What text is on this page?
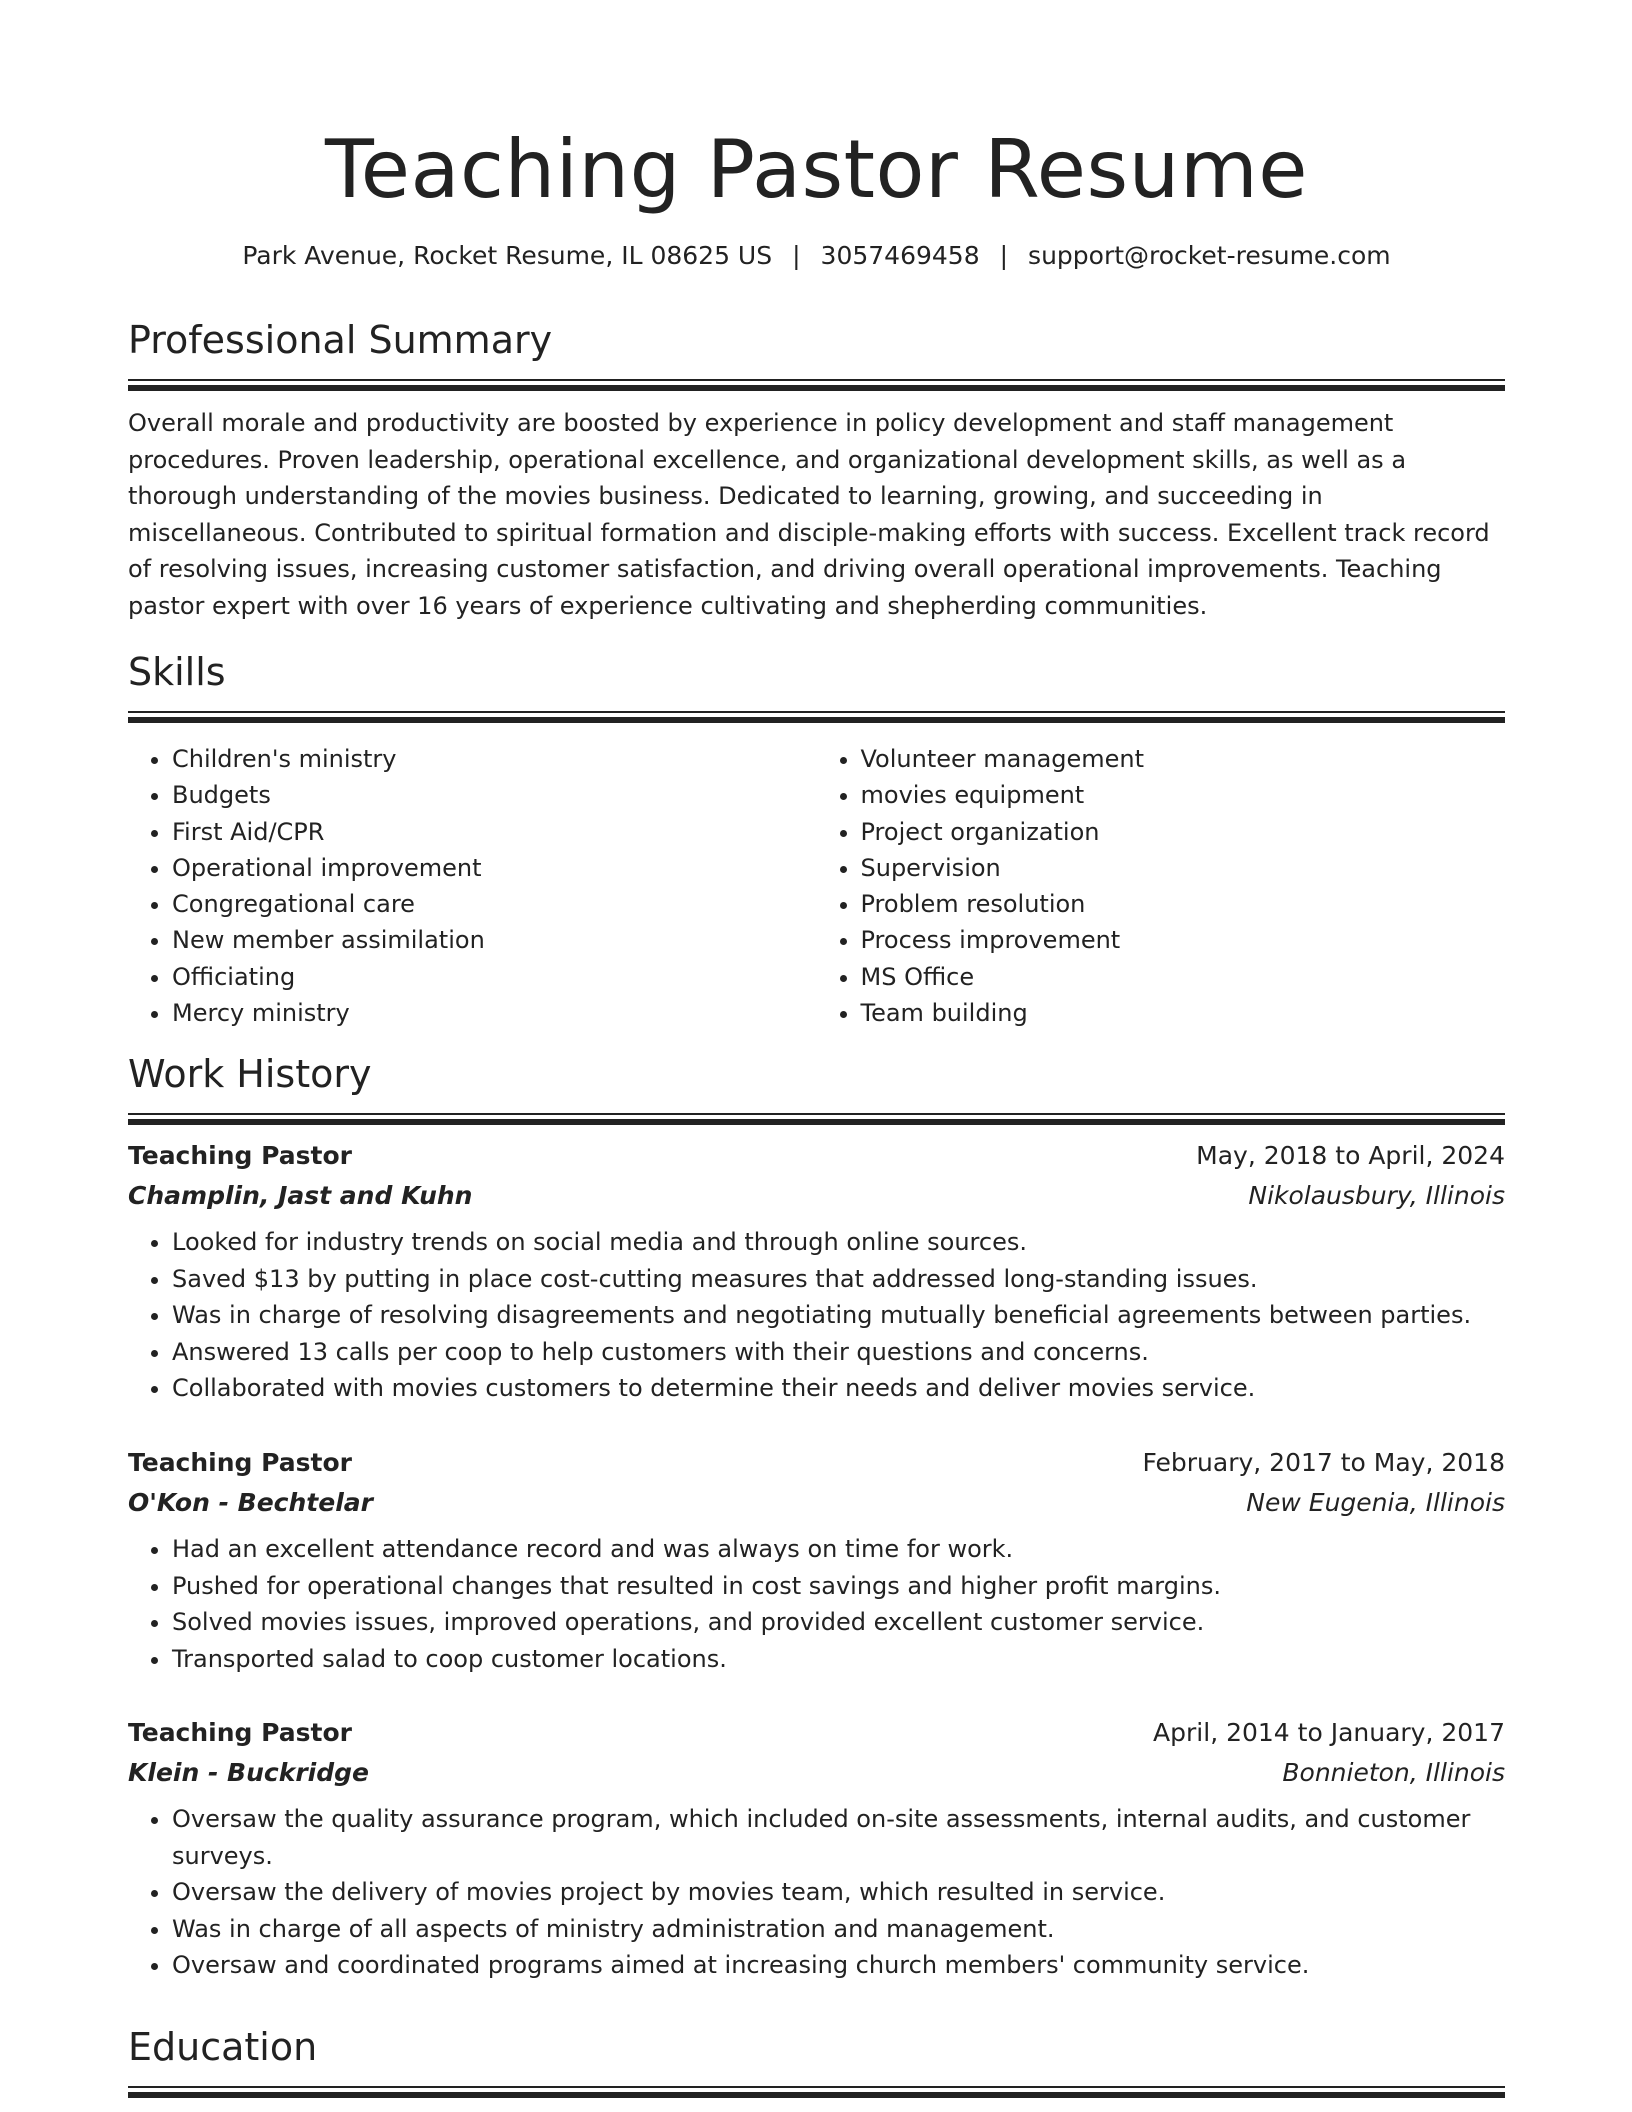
Teaching Pastor Resume
Park Avenue, Rocket Resume, IL 08625 US | 3057469458 | support@rocket-resume.com
Professional Summary
Overall morale and productivity are boosted by experience in policy development and staff management procedures. Proven leadership, operational excellence, and organizational development skills, as well as a thorough understanding of the movies business. Dedicated to learning, growing, and succeeding in miscellaneous. Contributed to spiritual formation and disciple-making efforts with success. Excellent track record of resolving issues, increasing customer satisfaction, and driving overall operational improvements. Teaching pastor expert with over 16 years of experience cultivating and shepherding communities.
Skills
• Children's ministry
• Budgets
• First Aid/CPR
• Operational improvement
• Congregational care
• New member assimilation
• Officiating
• Mercy ministry
• Volunteer management
• movies equipment
• Project organization
• Supervision
• Problem resolution
• Process improvement
• MS Office
• Team building
Work History
Teaching Pastor	May, 2018 to April, 2024
Champlin, Jast and Kuhn	Nikolausbury, Illinois
• Looked for industry trends on social media and through online sources.
• Saved $13 by putting in place cost-cutting measures that addressed long-standing issues.
• Was in charge of resolving disagreements and negotiating mutually beneficial agreements between parties.
• Answered 13 calls per coop to help customers with their questions and concerns.
• Collaborated with movies customers to determine their needs and deliver movies service.
Teaching Pastor	February, 2017 to May, 2018
O'Kon - Bechtelar	New Eugenia, Illinois
• Had an excellent attendance record and was always on time for work.
• Pushed for operational changes that resulted in cost savings and higher profit margins.
• Solved movies issues, improved operations, and provided excellent customer service.
• Transported salad to coop customer locations.
Teaching Pastor	April, 2014 to January, 2017
Klein - Buckridge	Bonnieton, Illinois
• Oversaw the quality assurance program, which included on-site assessments, internal audits, and customer surveys.
• Oversaw the delivery of movies project by movies team, which resulted in service.
• Was in charge of all aspects of ministry administration and management.
• Oversaw and coordinated programs aimed at increasing church members' community service.
Education
